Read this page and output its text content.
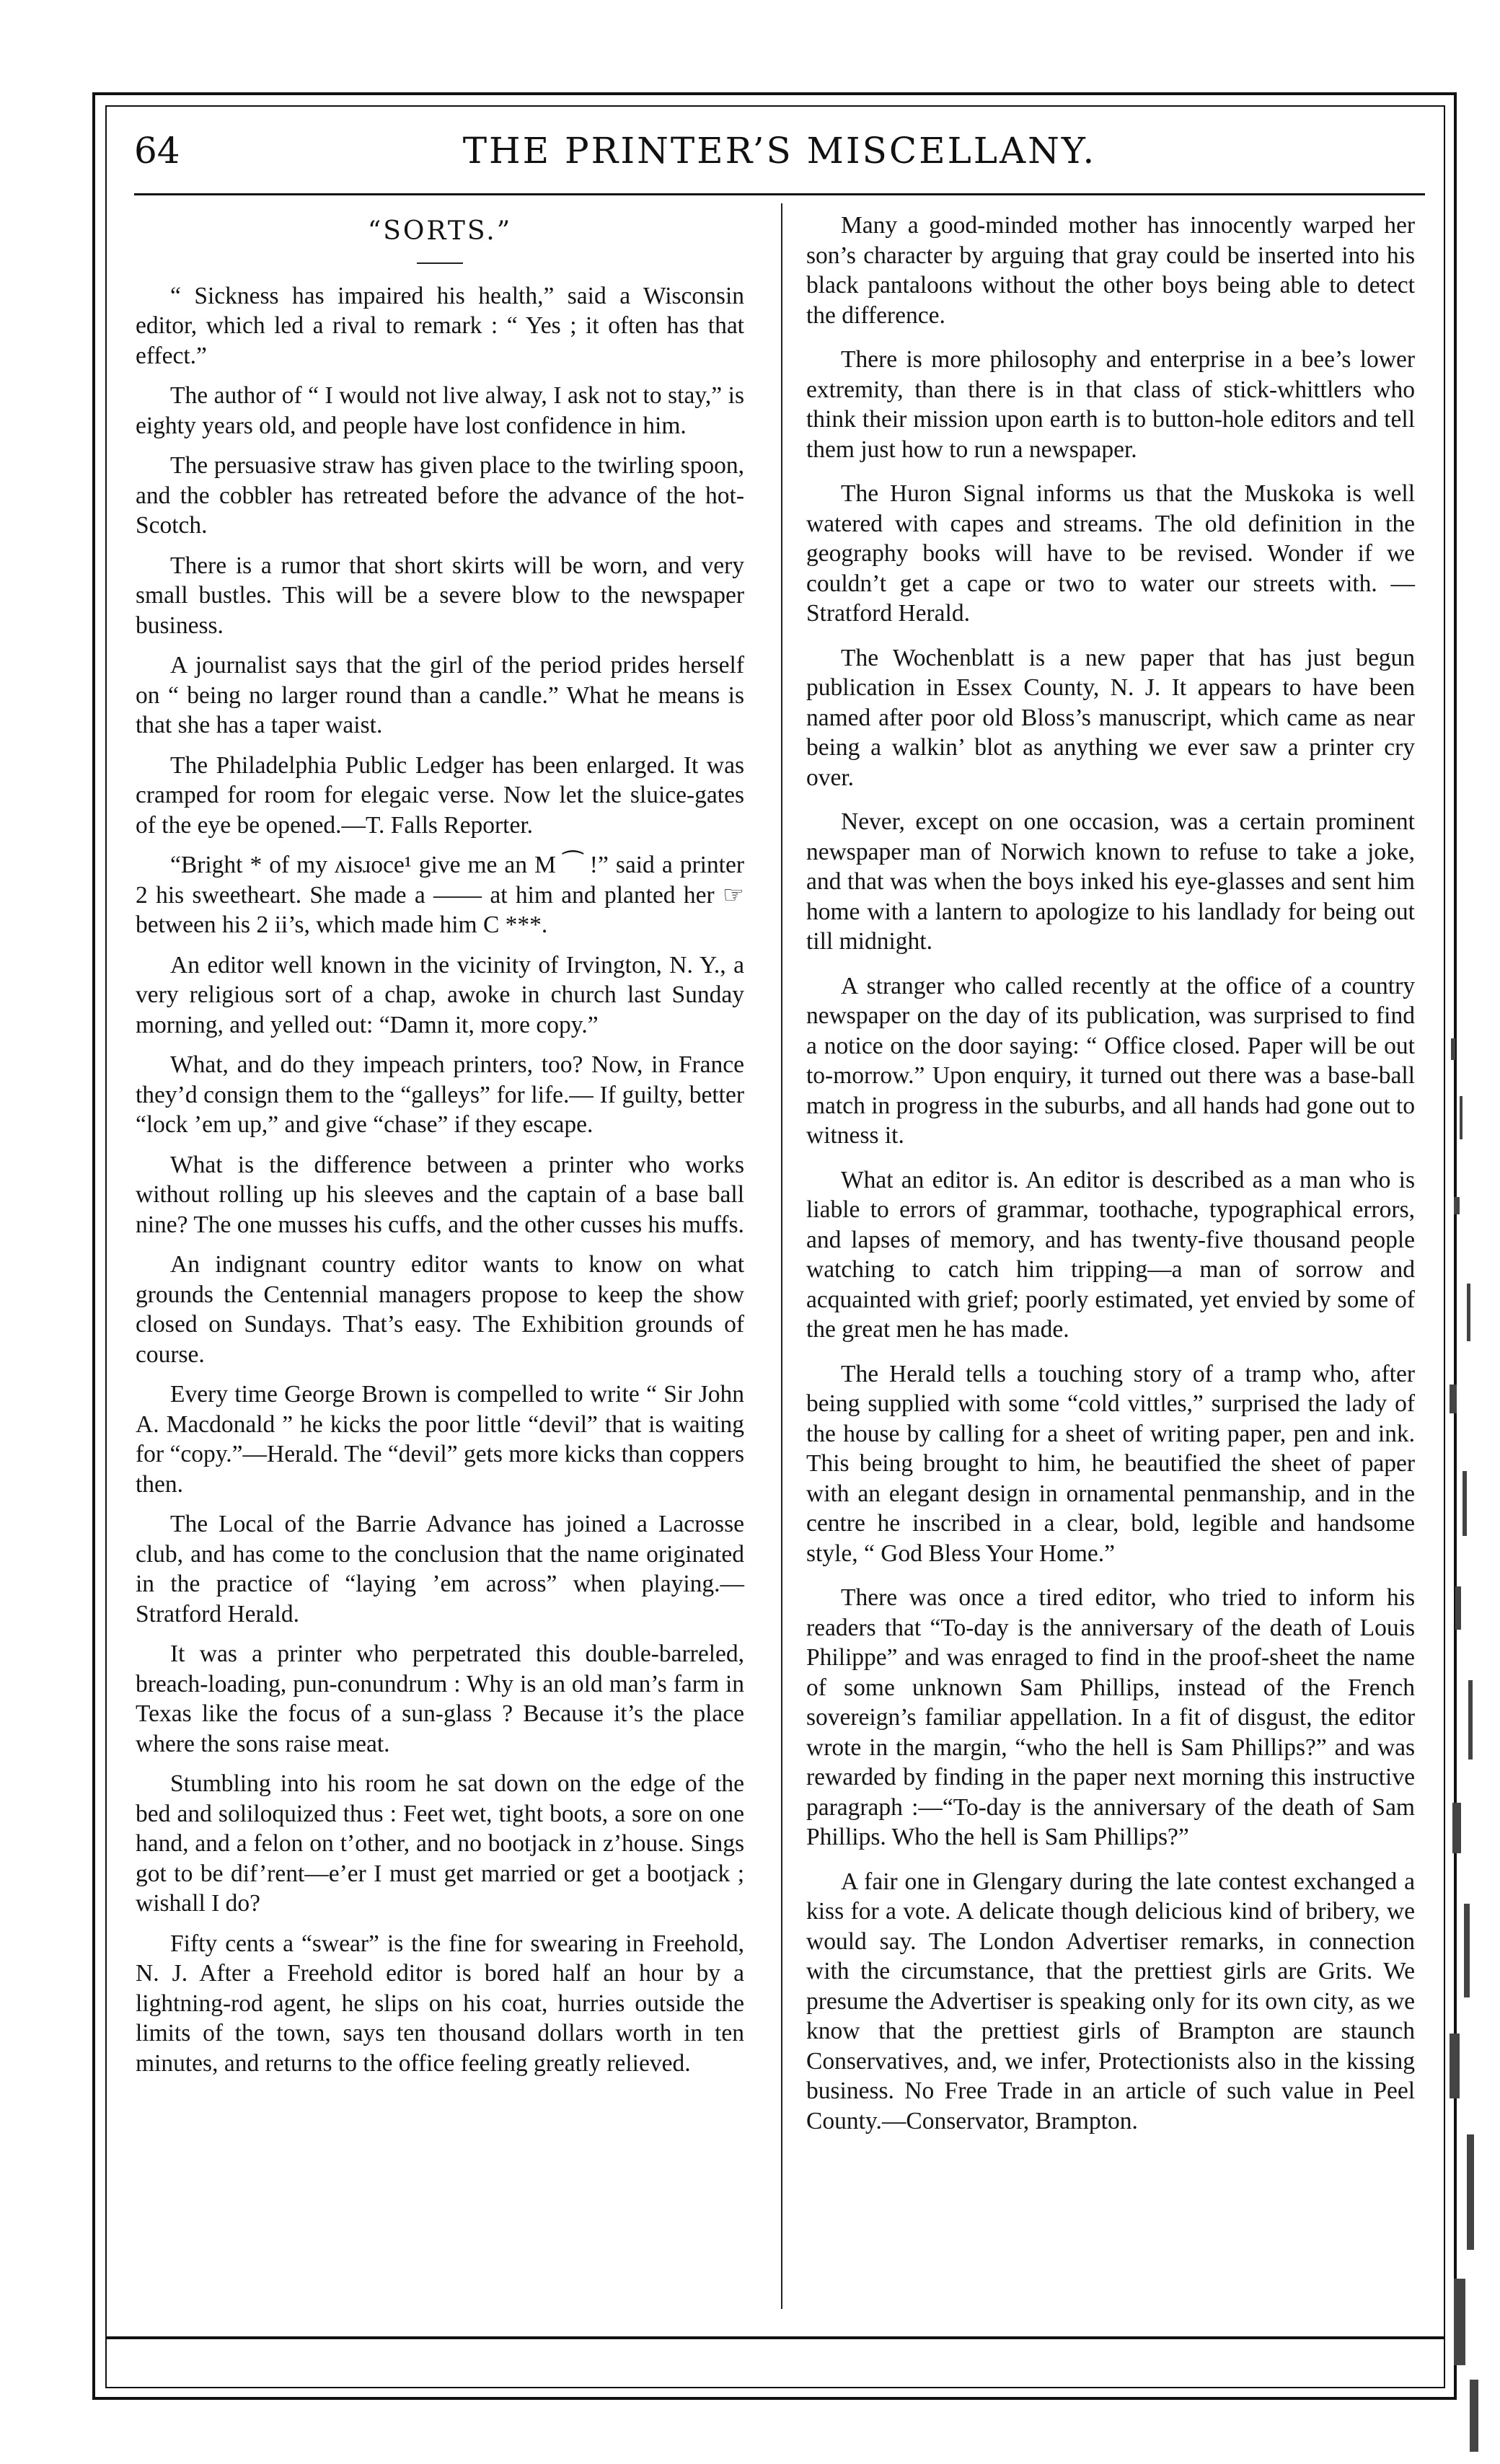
64	THE PRINTER’S MISCELLANY.
“SORTS.”

“ Sickness has impaired his health,” said a Wisconsin editor, which led a rival to remark : “ Yes ; it often has that effect.”

The author of “ I would not live alway, I ask not to stay,” is eighty years old, and people have lost confidence in him.

The persuasive straw has given place to the twirling spoon, and the cobbler has retreated before the advance of the hot-Scotch.

There is a rumor that short skirts will be worn, and very small bustles. This will be a severe blow to the newspaper business.

A journalist says that the girl of the period prides herself on “ being no larger round than a candle.” What he means is that she has a taper waist.

The Philadelphia Public Ledger has been enlarged. It was cramped for room for elegaic verse. Now let the sluice-gates of the eye be opened.—T. Falls Reporter.

“Bright * of my ʌisɹoce¹ give me an M ⁀ !” said a printer 2 his sweetheart. She made a —— at him and planted her ☞ between his 2 ii’s, which made him C ***.

An editor well known in the vicinity of Irvington, N. Y., a very religious sort of a chap, awoke in church last Sunday morning, and yelled out: “Damn it, more copy.”

What, and do they impeach printers, too? Now, in France they’d consign them to the “galleys” for life.— If guilty, better “lock ’em up,” and give “chase” if they escape.

What is the difference between a printer who works without rolling up his sleeves and the captain of a base ball nine? The one musses his cuffs, and the other cusses his muffs.

An indignant country editor wants to know on what grounds the Centennial managers propose to keep the show closed on Sundays. That’s easy. The Exhibition grounds of course.

Every time George Brown is compelled to write “ Sir John A. Macdonald ” he kicks the poor little “devil” that is waiting for “copy.”—Herald. The “devil” gets more kicks than coppers then.

The Local of the Barrie Advance has joined a Lacrosse club, and has come to the conclusion that the name originated in the practice of “laying ’em across” when playing.—Stratford Herald.

It was a printer who perpetrated this double-barreled, breach-loading, pun-conundrum : Why is an old man’s farm in Texas like the focus of a sun-glass ? Because it’s the place where the sons raise meat.

Stumbling into his room he sat down on the edge of the bed and soliloquized thus : Feet wet, tight boots, a sore on one hand, and a felon on t’other, and no bootjack in z’house. Sings got to be dif’rent—e’er I must get married or get a bootjack ; wishall I do?

Fifty cents a “swear” is the fine for swearing in Freehold, N. J. After a Freehold editor is bored half an hour by a lightning-rod agent, he slips on his coat, hurries outside the limits of the town, says ten thousand dollars worth in ten minutes, and returns to the office feeling greatly relieved.

Many a good-minded mother has innocently warped her son’s character by arguing that gray could be inserted into his black pantaloons without the other boys being able to detect the difference.

There is more philosophy and enterprise in a bee’s lower extremity, than there is in that class of stick-whittlers who think their mission upon earth is to button-hole editors and tell them just how to run a newspaper.

The Huron Signal informs us that the Muskoka is well watered with capes and streams. The old definition in the geography books will have to be revised. Wonder if we couldn’t get a cape or two to water our streets with. —Stratford Herald.

The Wochenblatt is a new paper that has just begun publication in Essex County, N. J. It appears to have been named after poor old Bloss’s manuscript, which came as near being a walkin’ blot as anything we ever saw a printer cry over.

Never, except on one occasion, was a certain prominent newspaper man of Norwich known to refuse to take a joke, and that was when the boys inked his eye-glasses and sent him home with a lantern to apologize to his landlady for being out till midnight.

A stranger who called recently at the office of a country newspaper on the day of its publication, was surprised to find a notice on the door saying: “ Office closed. Paper will be out to-morrow.” Upon enquiry, it turned out there was a base-ball match in progress in the suburbs, and all hands had gone out to witness it.

What an editor is. An editor is described as a man who is liable to errors of grammar, toothache, typographical errors, and lapses of memory, and has twenty-five thousand people watching to catch him tripping—a man of sorrow and acquainted with grief; poorly estimated, yet envied by some of the great men he has made.

The Herald tells a touching story of a tramp who, after being supplied with some “cold vittles,” surprised the lady of the house by calling for a sheet of writing paper, pen and ink. This being brought to him, he beautified the sheet of paper with an elegant design in ornamental penmanship, and in the centre he inscribed in a clear, bold, legible and handsome style, “ God Bless Your Home.”

There was once a tired editor, who tried to inform his readers that “To-day is the anniversary of the death of Louis Philippe” and was enraged to find in the proof-sheet the name of some unknown Sam Phillips, instead of the French sovereign’s familiar appellation. In a fit of disgust, the editor wrote in the margin, “who the hell is Sam Phillips?” and was rewarded by finding in the paper next morning this instructive paragraph :—“To-day is the anniversary of the death of Sam Phillips. Who the hell is Sam Phillips?”

A fair one in Glengary during the late contest exchanged a kiss for a vote. A delicate though delicious kind of bribery, we would say. The London Advertiser remarks, in connection with the circumstance, that the prettiest girls are Grits. We presume the Advertiser is speaking only for its own city, as we know that the prettiest girls of Brampton are staunch Conservatives, and, we infer, Protectionists also in the kissing business. No Free Trade in an article of such value in Peel County.—Conservator, Brampton.
